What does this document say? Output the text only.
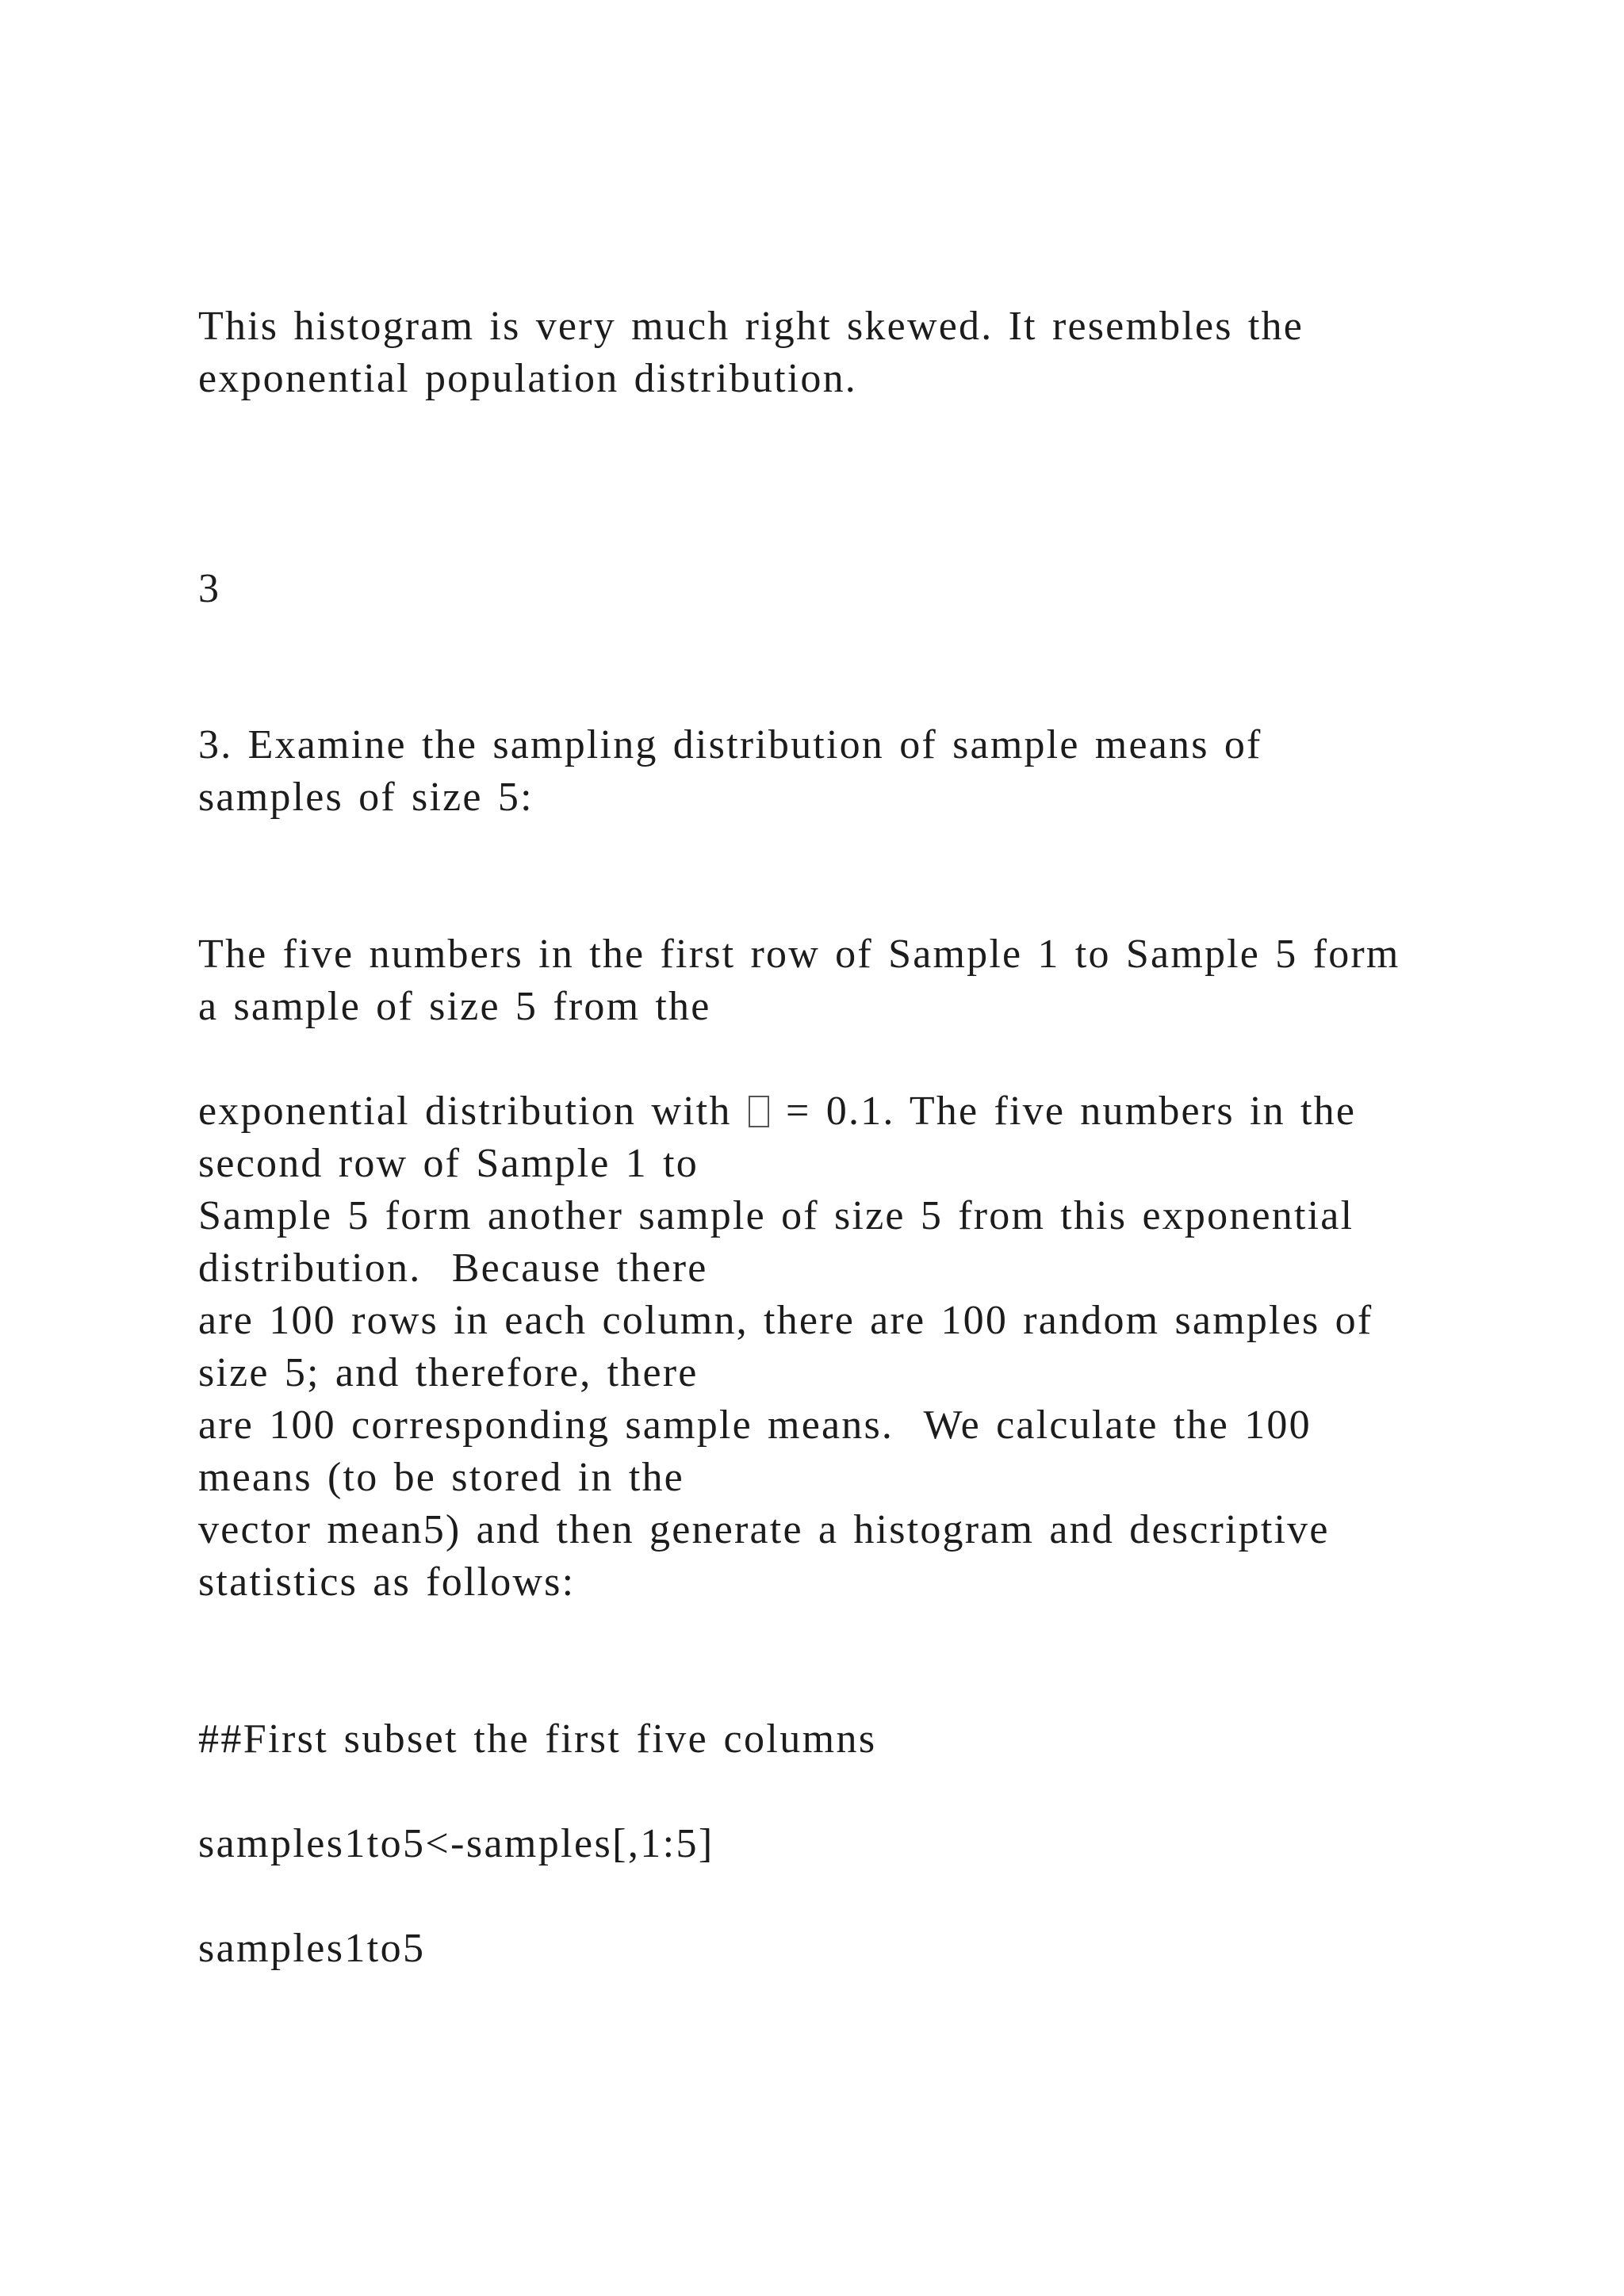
This histogram is very much right skewed. It resembles the
exponential population distribution.
3
3. Examine the sampling distribution of sample means of
samples of size 5:
The five numbers in the first row of Sample 1 to Sample 5 form
a sample of size 5 from the
exponential distribution with  = 0.1. The five numbers in the
second row of Sample 1 to
Sample 5 form another sample of size 5 from this exponential
distribution.  Because there
are 100 rows in each column, there are 100 random samples of
size 5; and therefore, there
are 100 corresponding sample means.  We calculate the 100
means (to be stored in the
vector mean5) and then generate a histogram and descriptive
statistics as follows:
##First subset the first five columns
samples1to5<-samples[,1:5]
samples1to5
